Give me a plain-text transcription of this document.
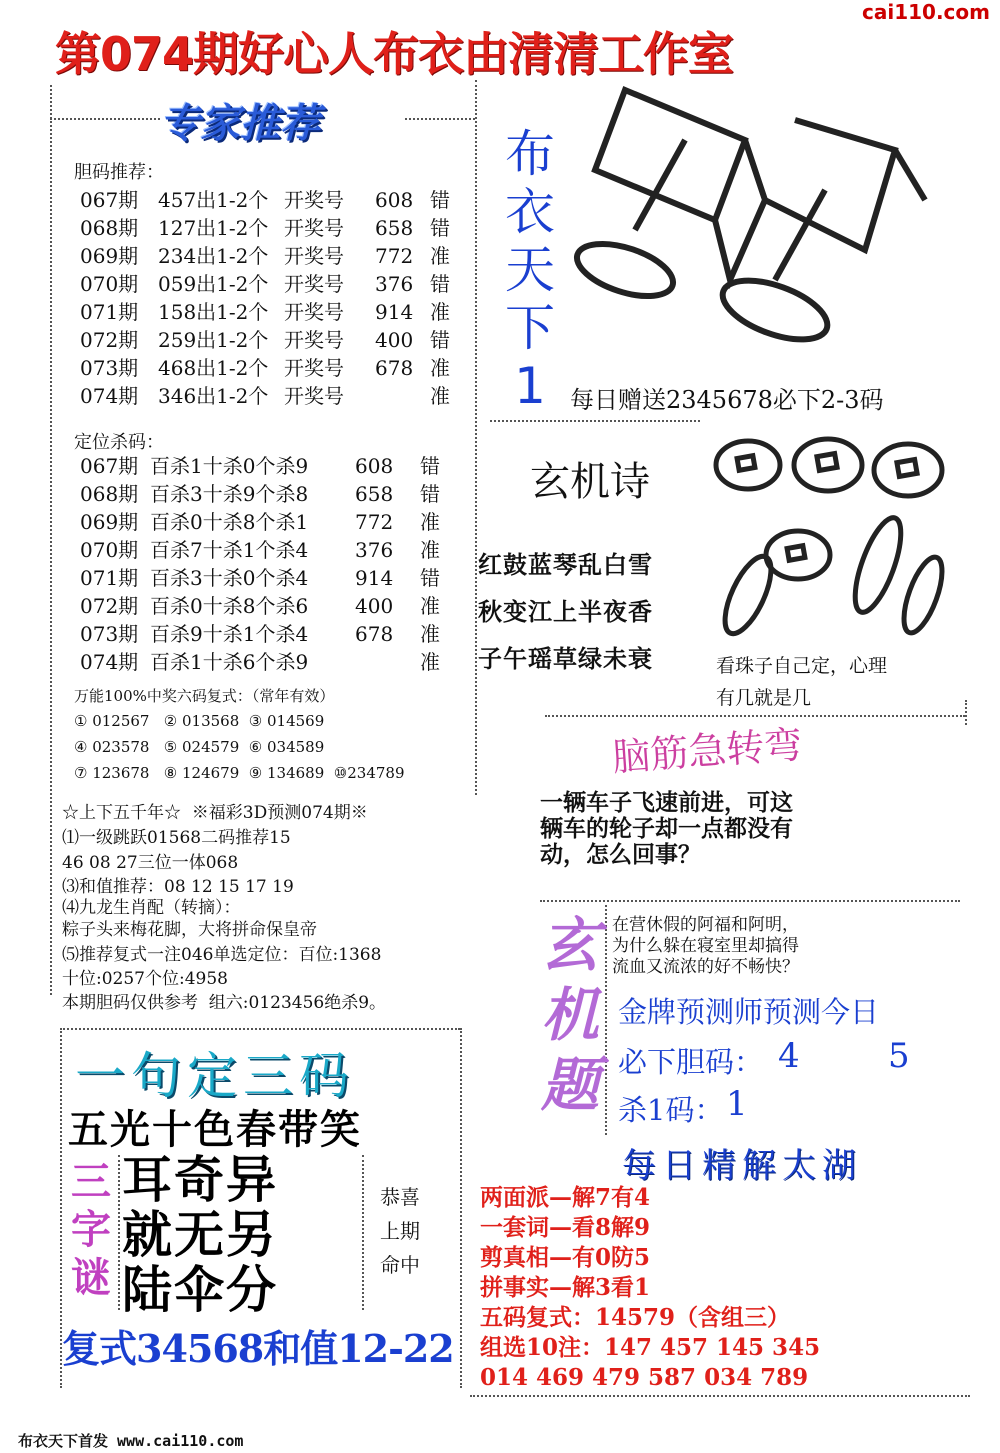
第074期好心人布衣由清清工作室
cai110.com
专家推荐
胆码推荐：
067期 457出1-2个 开奖号 608 错
068期 127出1-2个 开奖号 658 错
069期 234出1-2个 开奖号 772 准
070期 059出1-2个 开奖号 376 错
071期 158出1-2个 开奖号 914 准
072期 259出1-2个 开奖号 400 错
073期 468出1-2个 开奖号 678 准
074期 346出1-2个 开奖号	准
定位杀码：
067期 百杀1十杀0个杀9 608 错
068期 百杀3十杀9个杀8 658 错
069期 百杀0十杀8个杀1 772 准
070期 百杀7十杀1个杀4 376 准
071期 百杀3十杀0个杀4 914 错
072期 百杀0十杀8个杀6 400 准
073期 百杀9十杀1个杀4 678 准
074期 百杀1十杀6个杀9	准
万能100%中奖六码复式：（常年有效）
① 012567   ② 013568  ③ 014569
④ 023578   ⑤ 024579  ⑥ 034589
⑦ 123678   ⑧ 124679  ⑨ 134689  ⑩234789
☆上下五千年☆  ※福彩3D预测074期※
⑴一级跳跃01568二码推荐15
46 08 27三位一体068
⑶和值推荐：08 12 15 17 19
⑷九龙生肖配（转摘）：
粽子头来梅花脚，大将拼命保皇帝
⑸推荐复式一注046单选定位：百位:1368
十位:0257个位:4958
本期胆码仅供参考  组六:0123456绝杀9。
布
衣
天
下
1	每日赠送2345678必下2-3码
玄机诗
红鼓蓝琴乱白雪
秋变江上半夜香
子午瑶草绿未衰	看珠子自己定，心理
有几就是几
脑筋急转弯
一辆车子飞速前进，可这
辆车的轮子却一点都没有
动，怎么回事？
玄
机
题
在营休假的阿福和阿明，
为什么躲在寝室里却搞得
流血又流浓的好不畅快？
金牌预测师预测今日
必下胆码： 4	5
杀1码： 1
每日精解太湖
两面派—解7有4
一套词—看8解9
剪真相—有0防5
拼事实—解3看1
五码复式：14579（含组三）
组选10注：147 457 145 345
014 469 479 587 034 789
一句定三码
五光十色春带笑
三
字
谜
耳奇异
就无另
陆伞分
恭喜
上期
命中
复式34568和值12-22
布衣天下首发 www.cai110.com
